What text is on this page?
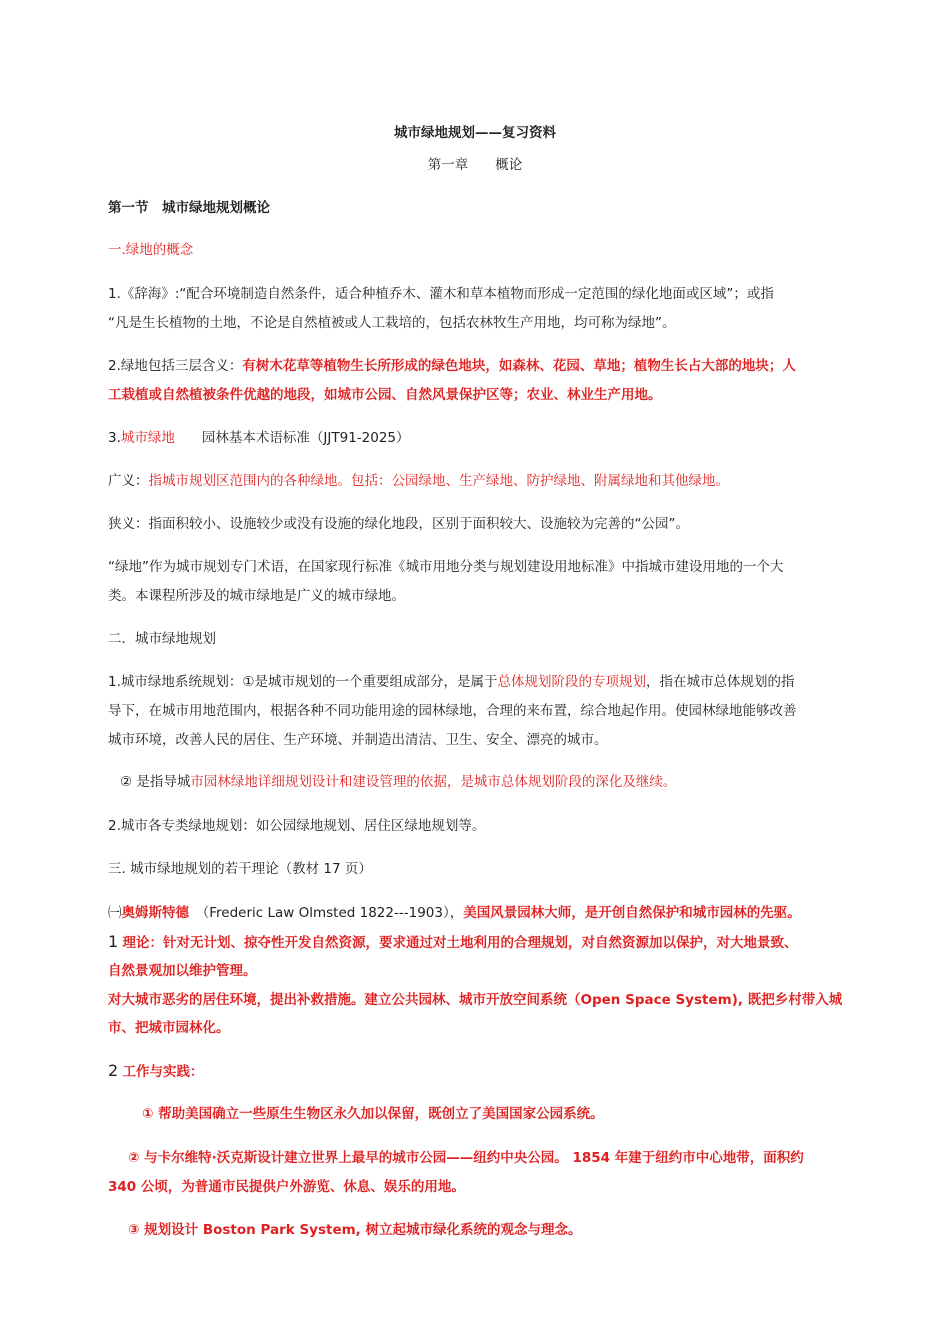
城市绿地规划——复习资料
第一章　　概论
第一节　城市绿地规划概论
一.绿地的概念
1.《辞海》:“配合环境制造自然条件，适合种植乔木、灌木和草本植物而形成一定范围的绿化地面或区域”；或指
“凡是生长植物的土地，不论是自然植被或人工栽培的，包括农林牧生产用地，均可称为绿地”。
2.绿地包括三层含义：有树木花草等植物生长所形成的绿色地块，如森林、花园、草地；植物生长占大部的地块；人
工栽植或自然植被条件优越的地段，如城市公园、自然风景保护区等；农业、林业生产用地。
3.城市绿地　　园林基本术语标准（JJT91-2025）
广义：指城市规划区范围内的各种绿地。包括：公园绿地、生产绿地、防护绿地、附属绿地和其他绿地。
狭义：指面积较小、设施较少或没有设施的绿化地段，区别于面积较大、设施较为完善的“公园”。
“绿地”作为城市规划专门术语，在国家现行标准《城市用地分类与规划建设用地标准》中指城市建设用地的一个大
类。本课程所涉及的城市绿地是广义的城市绿地。
二．城市绿地规划
1.城市绿地系统规划：①是城市规划的一个重要组成部分，是属于总体规划阶段的专项规划，指在城市总体规划的指
导下，在城市用地范围内，根据各种不同功能用途的园林绿地，合理的来布置，综合地起作用。使园林绿地能够改善
城市环境，改善人民的居住、生产环境、并制造出清洁、卫生、安全、漂亮的城市。
② 是指导城市园林绿地详细规划设计和建设管理的依据，是城市总体规划阶段的深化及继续。
2.城市各专类绿地规划：如公园绿地规划、居住区绿地规划等。
三. 城市绿地规划的若干理论（教材 17 页）
㈠奥姆斯特德　（Frederic Law Olmsted 1822---1903），美国风景园林大师，是开创自然保护和城市园林的先驱。
1 理论：针对无计划、掠夺性开发自然资源，要求通过对土地利用的合理规划，对自然资源加以保护，对大地景致、
自然景观加以维护管理。
对大城市恶劣的居住环境，提出补救措施。建立公共园林、城市开放空间系统（Open Space System), 既把乡村带入城
市、把城市园林化。
2 工作与实践：
① 帮助美国确立一些原生生物区永久加以保留，既创立了美国国家公园系统。
② 与卡尔维特·沃克斯设计建立世界上最早的城市公园——纽约中央公园。 1854 年建于纽约市中心地带，面积约
340 公顷，为普通市民提供户外游览、休息、娱乐的用地。
③ 规划设计 Boston Park System, 树立起城市绿化系统的观念与理念。
